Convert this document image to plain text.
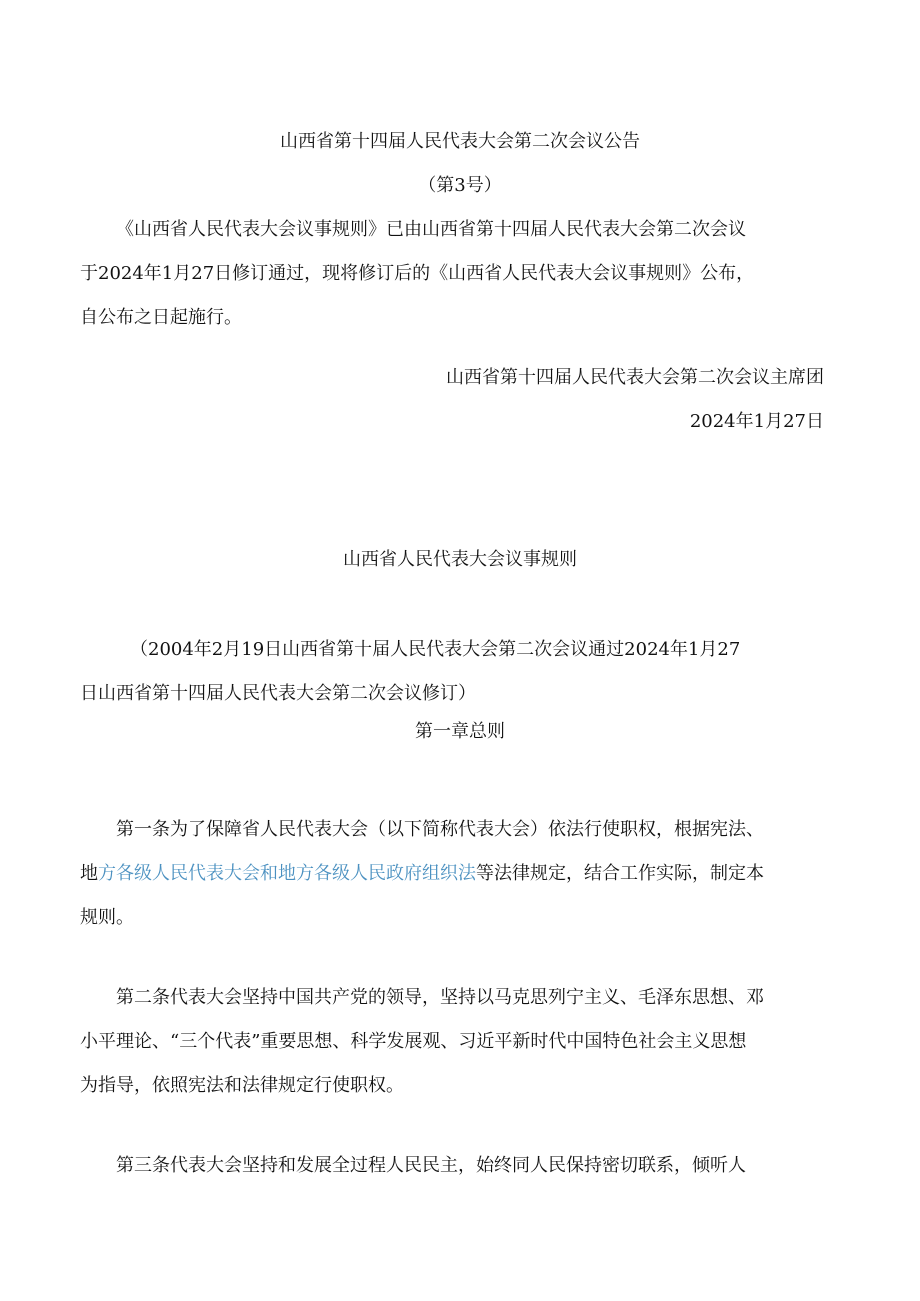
山西省第十四届人民代表大会第二次会议公告
（第3号）
《山西省人民代表大会议事规则》已由山西省第十四届人民代表大会第二次会议
于2024年1月27日修订通过，现将修订后的《山西省人民代表大会议事规则》公布，
自公布之日起施行。
山西省第十四届人民代表大会第二次会议主席团
2024年1月27日
山西省人民代表大会议事规则
（2004年2月19日山西省第十届人民代表大会第二次会议通过2024年1月27
日山西省第十四届人民代表大会第二次会议修订）
第一章总则
第一条为了保障省人民代表大会（以下简称代表大会）依法行使职权，根据宪法、
地方各级人民代表大会和地方各级人民政府组织法等法律规定，结合工作实际，制定本
规则。
第二条代表大会坚持中国共产党的领导，坚持以马克思列宁主义、毛泽东思想、邓
小平理论、“三个代表”重要思想、科学发展观、习近平新时代中国特色社会主义思想
为指导，依照宪法和法律规定行使职权。
第三条代表大会坚持和发展全过程人民民主，始终同人民保持密切联系，倾听人
